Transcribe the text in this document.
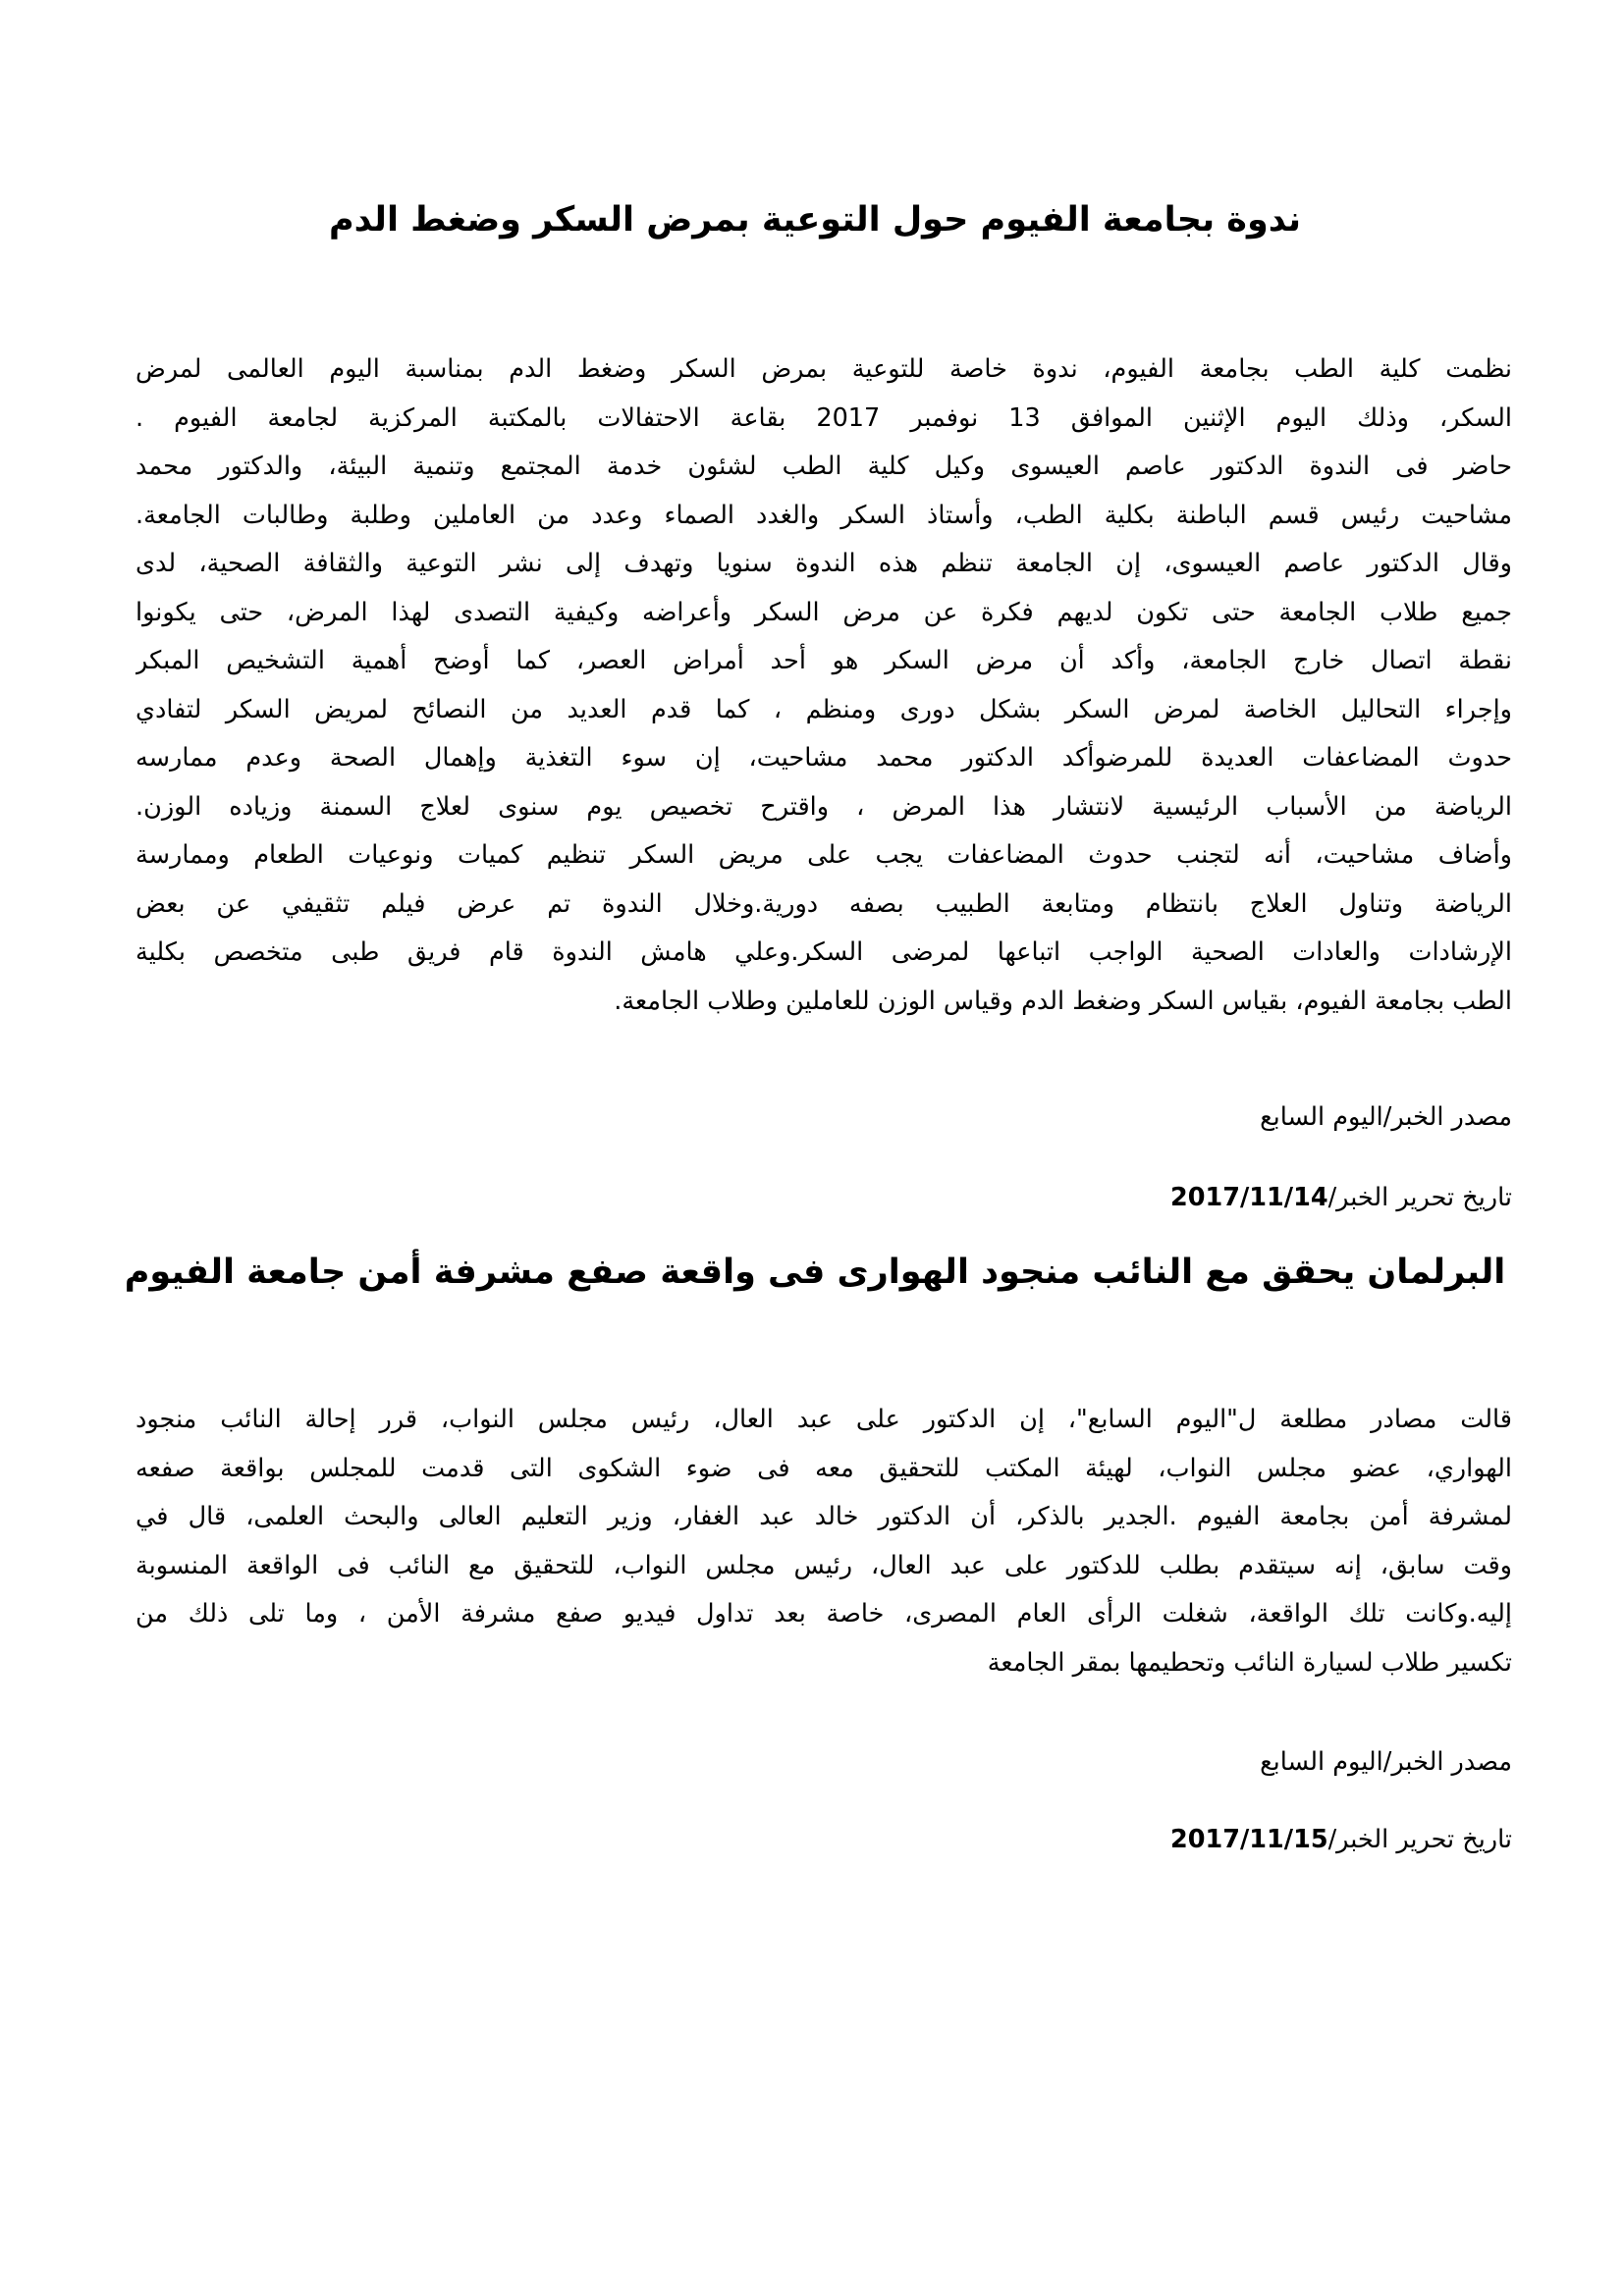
ندوة بجامعة الفيوم حول التوعية بمرض السكر وضغط الدم
نظمت كلية الطب بجامعة الفيوم، ندوة خاصة للتوعية بمرض السكر وضغط الدم بمناسبة اليوم العالمى لمرض
السكر، وذلك اليوم الإثنين الموافق 13 نوفمبر 2017 بقاعة الاحتفالات بالمكتبة المركزية لجامعة الفيوم .
حاضر فى الندوة الدكتور عاصم العيسوى وكيل كلية الطب لشئون خدمة المجتمع وتنمية البيئة، والدكتور محمد
مشاحيت رئيس قسم الباطنة بكلية الطب، وأستاذ السكر والغدد الصماء وعدد من العاملين وطلبة وطالبات الجامعة.
وقال الدكتور عاصم العيسوى، إن الجامعة تنظم هذه الندوة سنويا وتهدف إلى نشر التوعية والثقافة الصحية، لدى
جميع طلاب الجامعة حتى تكون لديهم فكرة عن مرض السكر وأعراضه وكيفية التصدى لهذا المرض، حتى يكونوا
نقطة اتصال خارج الجامعة، وأكد أن مرض السكر هو أحد أمراض العصر، كما أوضح أهمية التشخيص المبكر
وإجراء التحاليل الخاصة لمرض السكر بشكل دورى ومنظم ، كما قدم العديد من النصائح لمريض السكر لتفادي
حدوث المضاعفات العديدة للمرضوأكد الدكتور محمد مشاحيت، إن سوء التغذية وإهمال الصحة وعدم ممارسه
الرياضة من الأسباب الرئيسية لانتشار هذا المرض ، واقترح تخصيص يوم سنوى لعلاج السمنة وزياده الوزن.
وأضاف مشاحيت، أنه لتجنب حدوث المضاعفات يجب على مريض السكر تنظيم كميات ونوعيات الطعام وممارسة
الرياضة وتناول العلاج بانتظام ومتابعة الطبيب بصفه دورية.وخلال الندوة تم عرض فيلم تثقيفي عن بعض
الإرشادات والعادات الصحية الواجب اتباعها لمرضى السكر.وعلي هامش الندوة قام فريق طبى متخصص بكلية
الطب بجامعة الفيوم، بقياس السكر وضغط الدم وقياس الوزن للعاملين وطلاب الجامعة.
مصدر الخبر/اليوم السابع
تاريخ تحرير الخبر/2017/11/14
البرلمان يحقق مع النائب منجود الهوارى فى واقعة صفع مشرفة أمن جامعة الفيوم
قالت مصادر مطلعة ل"اليوم السابع"، إن الدكتور على عبد العال، رئيس مجلس النواب، قرر إحالة النائب منجود
الهواري، عضو مجلس النواب، لهيئة المكتب للتحقيق معه فى ضوء الشكوى التى قدمت للمجلس بواقعة صفعه
لمشرفة أمن بجامعة الفيوم .الجدير بالذكر، أن الدكتور خالد عبد الغفار، وزير التعليم العالى والبحث العلمى، قال في
وقت سابق، إنه سيتقدم بطلب للدكتور على عبد العال، رئيس مجلس النواب، للتحقيق مع النائب فى الواقعة المنسوبة
إليه.وكانت تلك الواقعة، شغلت الرأى العام المصرى، خاصة بعد تداول فيديو صفع مشرفة الأمن ، وما تلى ذلك من
تكسير طلاب لسيارة النائب وتحطيمها بمقر الجامعة
مصدر الخبر/اليوم السابع
تاريخ تحرير الخبر/2017/11/15
